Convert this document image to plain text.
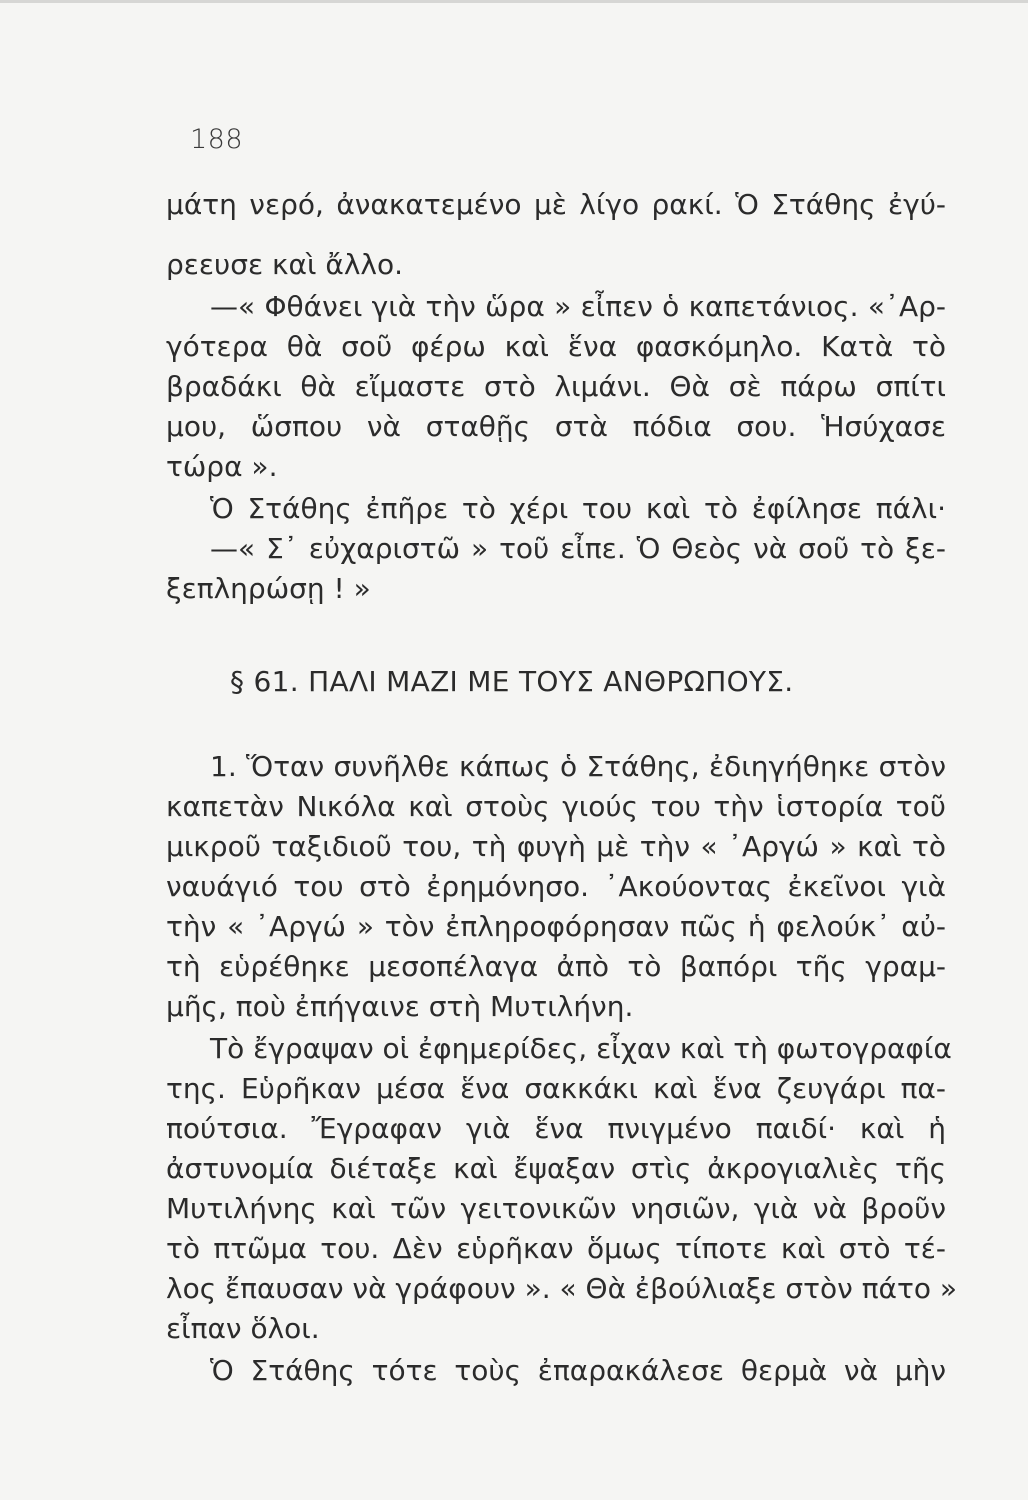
188
μάτη νερό, ἀνακατεμένο μὲ λίγο ρακί. Ὁ Στάθης ἐγύ-
ρεευσε καὶ ἄλλο.
—« Φθάνει γιὰ τὴν ὥρα » εἶπεν ὁ καπετάνιος. «᾽Αρ-
γότερα θὰ σοῦ φέρω καὶ ἕνα φασκόμηλο. Κατὰ τὸ
βραδάκι θὰ εἴμαστε στὸ λιμάνι. Θὰ σὲ πάρω σπίτι
μου, ὥσπου νὰ σταθῇς στὰ πόδια σου. Ἡσύχασε
τώρα ».
Ὁ Στάθης ἐπῆρε τὸ χέρι του καὶ τὸ ἐφίλησε πάλι·
—« Σ᾽ εὐχαριστῶ » τοῦ εἶπε. Ὁ Θεὸς νὰ σοῦ τὸ ξε-
ξεπληρώσῃ ! »
§ 61. ΠΑΛΙ ΜΑΖΙ ΜΕ ΤΟΥΣ ΑΝΘΡΩΠΟΥΣ.
1. Ὅταν συνῆλθε κάπως ὁ Στάθης, ἐδιηγήθηκε στὸν
καπετὰν Νικόλα καὶ στοὺς γιούς του τὴν ἱστορία τοῦ
μικροῦ ταξιδιοῦ του, τὴ φυγὴ μὲ τὴν « ᾽Αργώ » καὶ τὸ
ναυάγιό του στὸ ἐρημόνησο. ᾽Ακούοντας ἐκεῖνοι γιὰ
τὴν « ᾽Αργώ » τὸν ἐπληροφόρησαν πῶς ἡ φελούκ᾽ αὐ-
τὴ εὑρέθηκε μεσοπέλαγα ἀπὸ τὸ βαπόρι τῆς γραμ-
μῆς, ποὺ ἐπήγαινε στὴ Μυτιλήνη.
Τὸ ἔγραψαν οἱ ἐφημερίδες, εἶχαν καὶ τὴ φωτογραφία
της. Εὑρῆκαν μέσα ἕνα σακκάκι καὶ ἕνα ζευγάρι πα-
πούτσια. Ἔγραφαν γιὰ ἕνα πνιγμένο παιδί· καὶ ἡ
ἀστυνομία διέταξε καὶ ἔψαξαν στὶς ἀκρογιαλιὲς τῆς
Μυτιλήνης καὶ τῶν γειτονικῶν νησιῶν, γιὰ νὰ βροῦν
τὸ πτῶμα του. Δὲν εὑρῆκαν ὅμως τίποτε καὶ στὸ τέ-
λος ἔπαυσαν νὰ γράφουν ». « Θὰ ἐβούλιαξε στὸν πάτο »
εἶπαν ὅλοι.
Ὁ Στάθης τότε τοὺς ἐπαρακάλεσε θερμὰ νὰ μὴν
